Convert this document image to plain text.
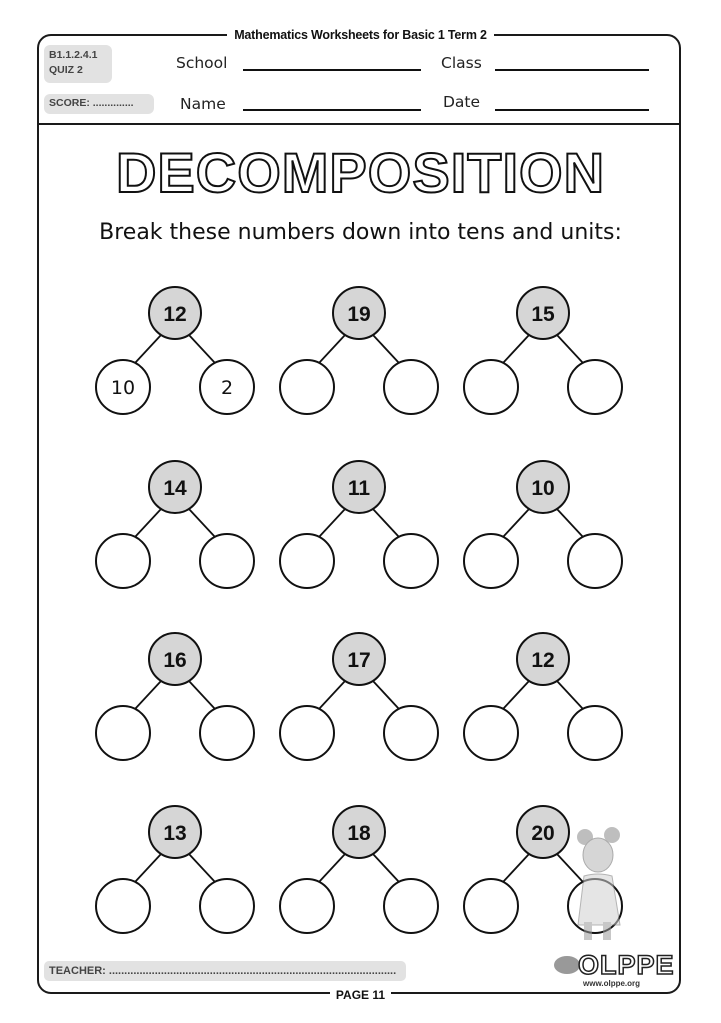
Mathematics Worksheets for Basic 1 Term 2
B1.1.2.4.1
QUIZ 2
SCORE: ..............
School	Class
Name	Date
DECOMPOSITION
Break these numbers down into tens and units:
20
18
13
12
17
16
10
11
14
15
19
12
10	2
TEACHER: ..............................................................................................
PAGE 11
OLPPE
www.olppe.org
